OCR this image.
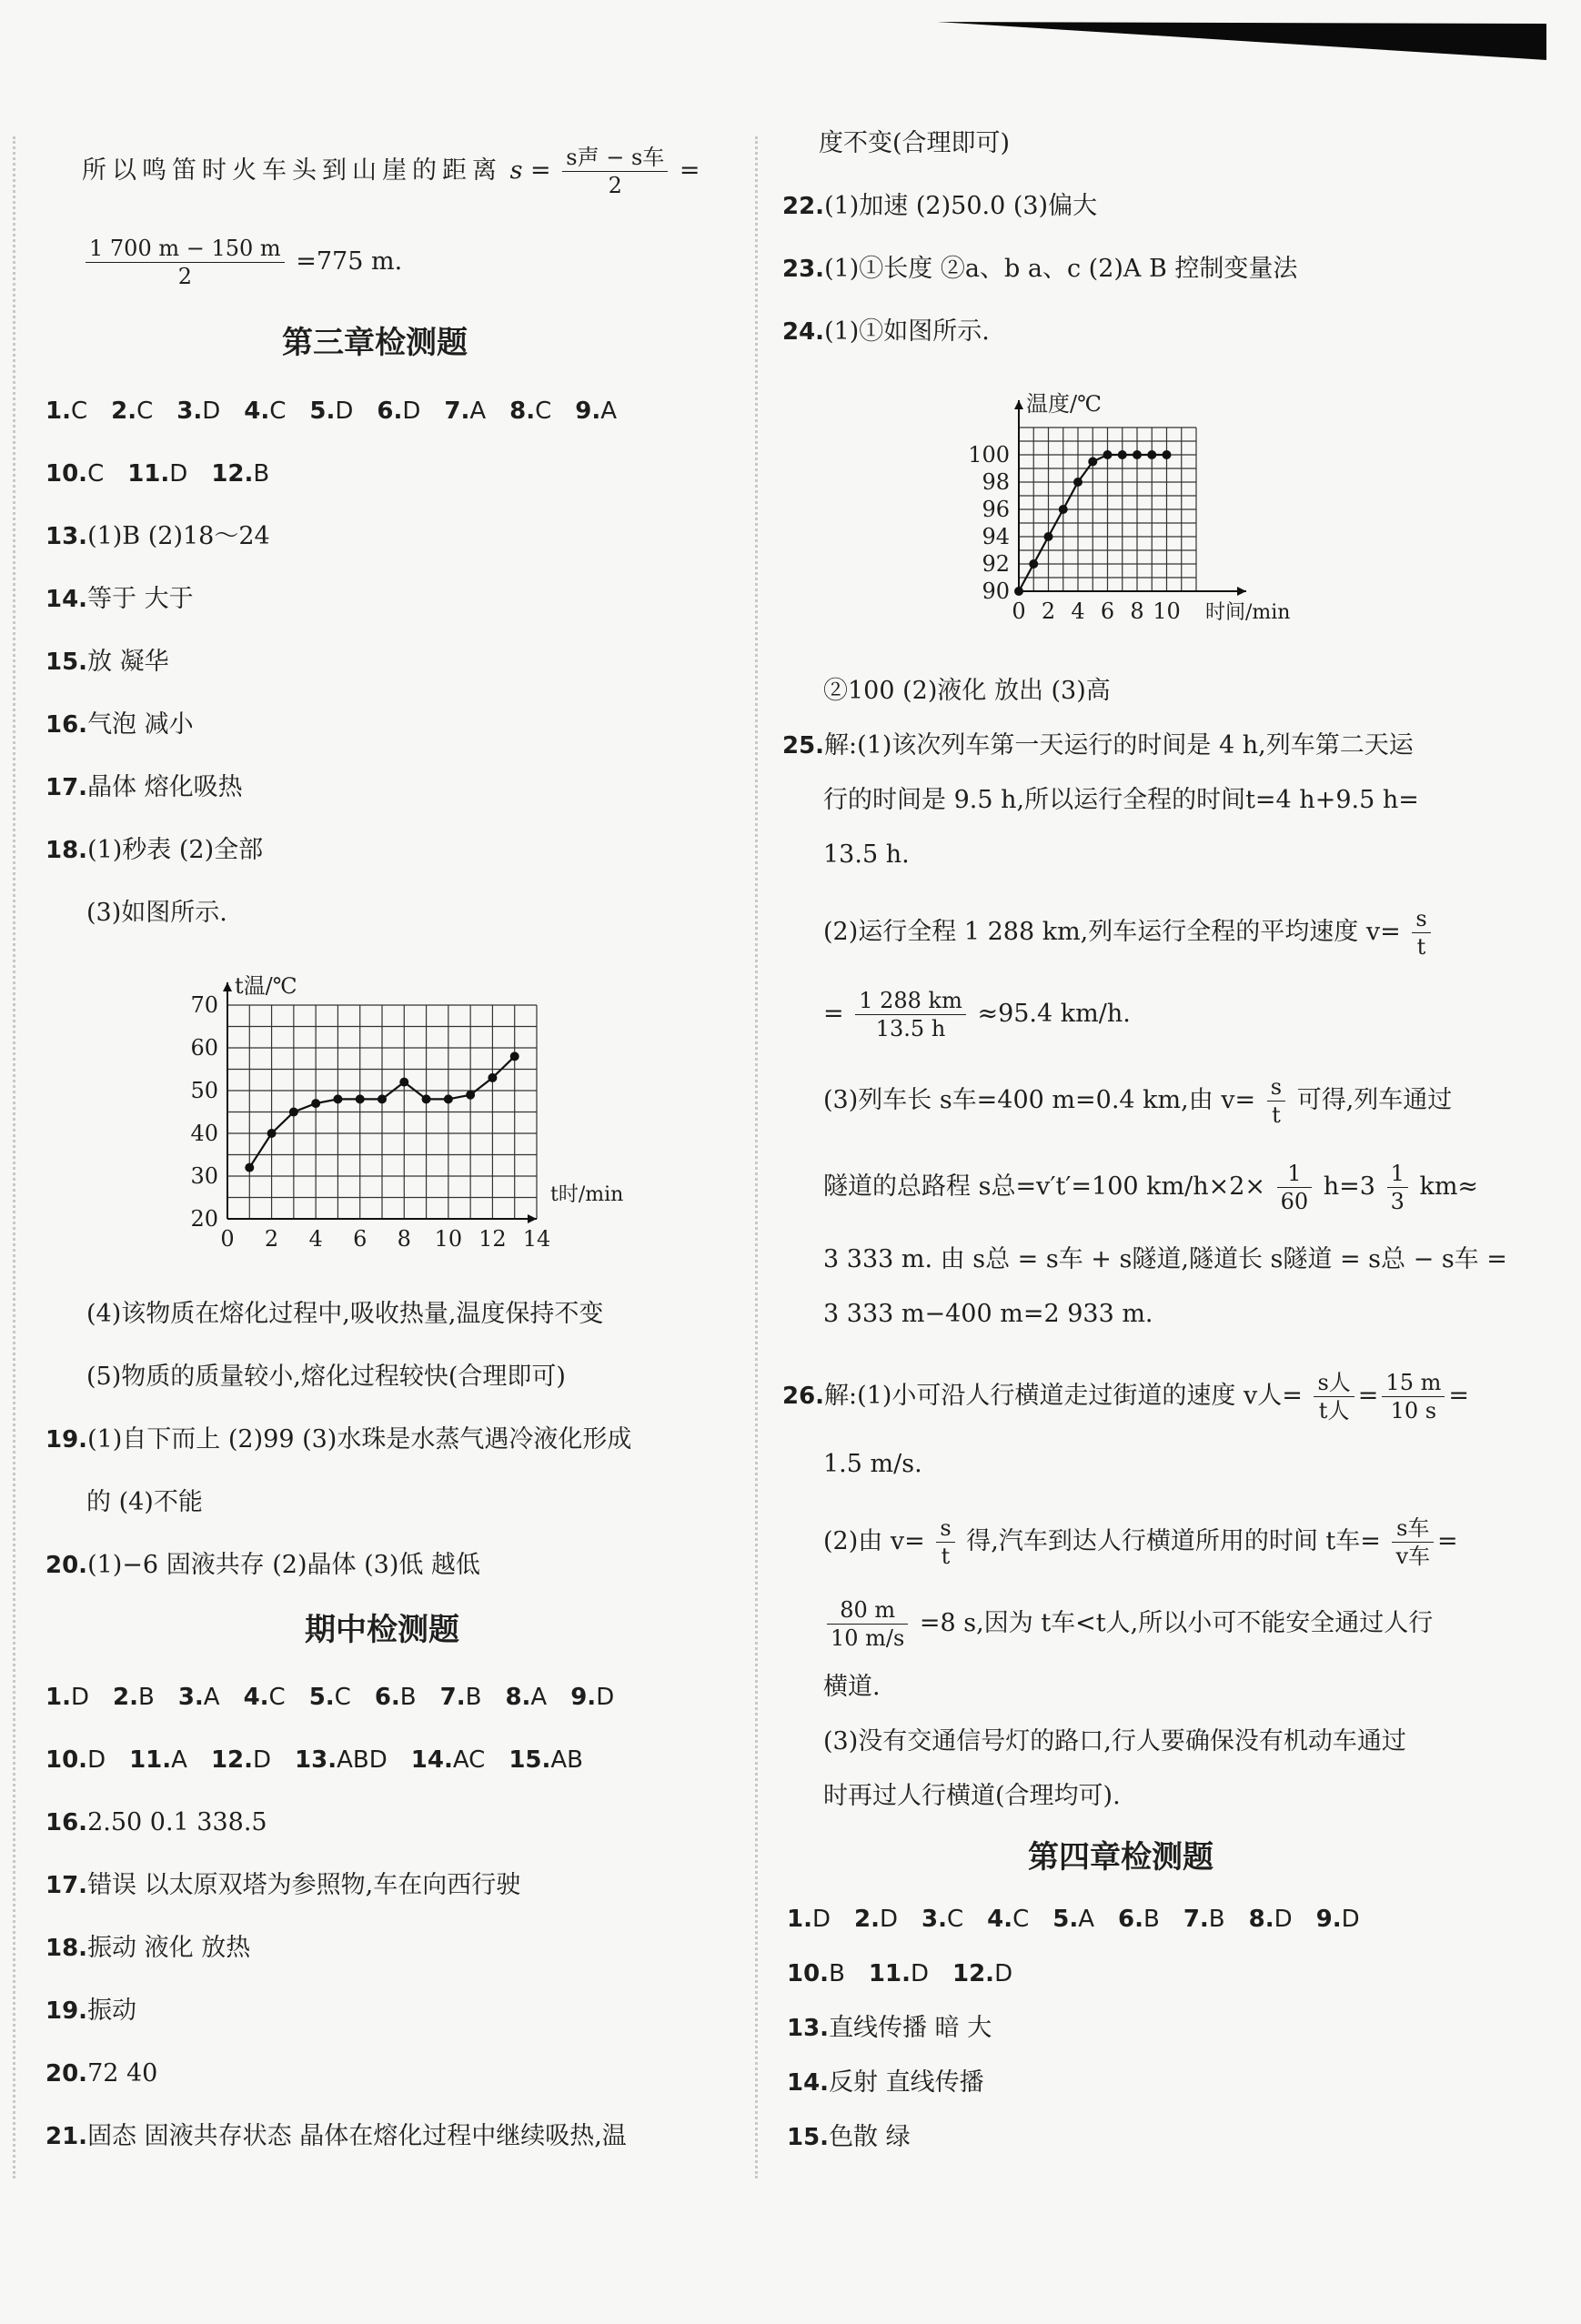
所以鸣笛时火车头到山崖的距离 $s = \frac{\text{s声 − s车}}{2}$ =
$\frac{1 700 m - 150 m}{2} =775$ m.
第三章检测题
1.C 2.C 3.D 4.C 5.D 6.D 7.A 8.C 9.A
10.C 11.D 12.B
13.(1)B (2)18～24
14.等于 大于
15.放 凝华
16.气泡 减小
17.晶体 熔化吸热
18.(1)秒表 (2)全部
(3)如图所示.
0 2 4 6 8 10 12 14
20
30
40
50
60
70
t温/℃
t时/min
(4)该物质在熔化过程中,吸收热量,温度保持不变
(5)物质的质量较小,熔化过程较快(合理即可)
19.(1)自下而上 (2)99 (3)水珠是水蒸气遇冷液化形成
的 (4)不能
20.(1)−6 固液共存 (2)晶体 (3)低 越低
期中检测题
1.D 2.B 3.A 4.C 5.C 6.B 7.B 8.A 9.D
10.D 11.A 12.D 13.ABD 14.AC 15.AB
16.2.50 0.1 338.5
17.错误 以太原双塔为参照物,车在向西行驶
18.振动 液化 放热
19.振动
20.72 40
21.固态 固液共存状态 晶体在熔化过程中继续吸热,温
度不变(合理即可)
22.(1)加速 (2)50.0 (3)偏大
23.(1)①长度 ②a、b a、c (2)A B 控制变量法
24.(1)①如图所示.
0 2 4 6 8 10
90
92
94
96
98
100
温度/℃
时间/min
②100 (2)液化 放出 (3)高
25.解:(1)该次列车第一天运行的时间是 4 h,列车第二天运
行的时间是 9.5 h,所以运行全程的时间t=4 h+9.5 h=
13.5 h.
(2)运行全程 1 288 km,列车运行全程的平均速度 $v= \frac{s}{t}$
= $\frac{1 288 km}{13.5 h} \approx 95.4$ km/h.
(3)列车长 s车=400 m=0.4 km,由 $v= \frac{s}{t}$ 可得,列车通过
隧道的总路程 s总=v′t′=100 $km/h\times 2\times \frac{1}{60} h=3 \frac{1}{3} km\approx$
3 333 m. 由 s总 = s车 + s隧道,隧道长 s隧道 = s总 − s车 =
3 333 m−400 m=2 933 m.
26.解:(1)小可沿人行横道走过街道的速度 v人= $\frac{\text{s人}}{\text{t人}} = \frac{15 m}{10 s}$ =
1.5 m/s.
(2)由 $v= \frac{s}{t}$ 得,汽车到达人行横道所用的时间 t车= $\frac{\text{s车}}{\text{v车}}$ =
$\frac{80 m}{10 m/s} =8$ s,因为 t车<t人,所以小可不能安全通过人行
横道.
(3)没有交通信号灯的路口,行人要确保没有机动车通过
时再过人行横道(合理均可).
第四章检测题
1.D 2.D 3.C 4.C 5.A 6.B 7.B 8.D 9.D
10.B 11.D 12.D
13.直线传播 暗 大
14.反射 直线传播
15.色散 绿
